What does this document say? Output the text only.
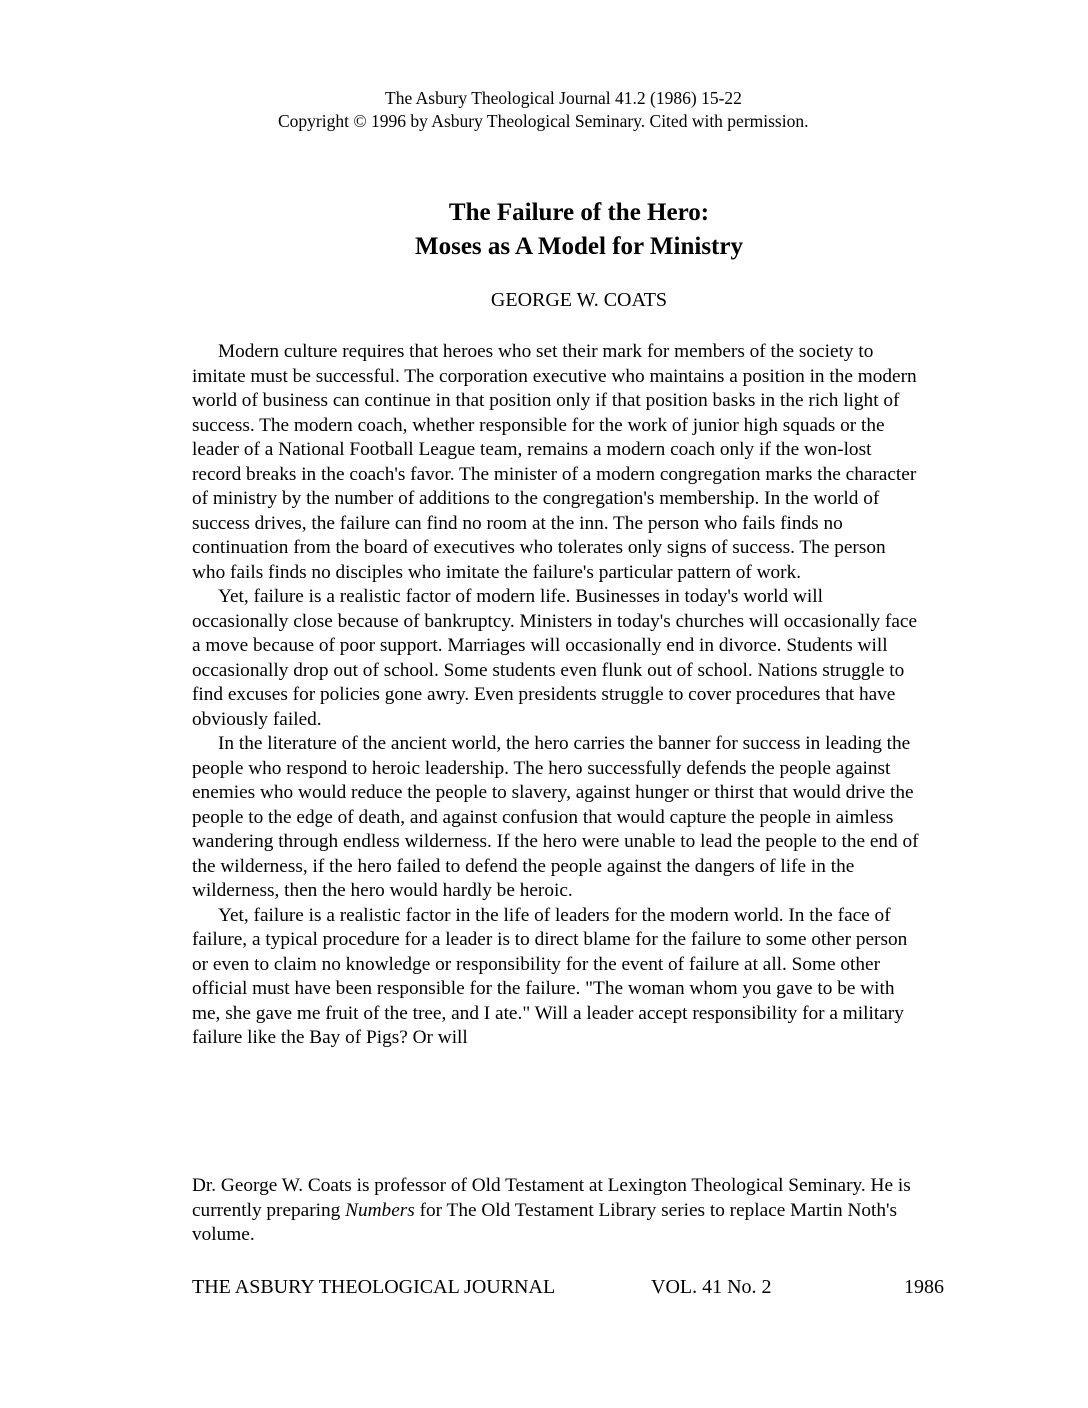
The Asbury Theological Journal 41.2 (1986) 15-22
Copyright © 1996 by Asbury Theological Seminary. Cited with permission.
The Failure of the Hero:
Moses as A Model for Ministry
GEORGE W. COATS

Modern culture requires that heroes who set their mark for members of the society to imitate must be successful. The corporation executive who maintains a position in the modern world of business can continue in that position only if that position basks in the rich light of success. The modern coach, whether responsible for the work of junior high squads or the leader of a National Football League team, remains a modern coach only if the won-lost record breaks in the coach's favor. The minister of a modern congregation marks the character of ministry by the number of additions to the congregation's membership. In the world of success drives, the failure can find no room at the inn. The person who fails finds no continuation from the board of executives who tolerates only signs of success. The person who fails finds no disciples who imitate the failure's particular pattern of work.

Yet, failure is a realistic factor of modern life. Businesses in today's world will occasionally close because of bankruptcy. Ministers in today's churches will occasionally face a move because of poor support. Marriages will occasionally end in divorce. Students will occasionally drop out of school. Some students even flunk out of school. Nations struggle to find excuses for policies gone awry. Even presidents struggle to cover procedures that have obviously failed.

In the literature of the ancient world, the hero carries the banner for success in leading the people who respond to heroic leadership. The hero successfully defends the people against enemies who would reduce the people to slavery, against hunger or thirst that would drive the people to the edge of death, and against confusion that would capture the people in aimless wandering through endless wilderness. If the hero were unable to lead the people to the end of the wilderness, if the hero failed to defend the people against the dangers of life in the wilderness, then the hero would hardly be heroic.

Yet, failure is a realistic factor in the life of leaders for the modern world. In the face of failure, a typical procedure for a leader is to direct blame for the failure to some other person or even to claim no knowledge or responsibility for the event of failure at all. Some other official must have been responsible for the failure. "The woman whom you gave to be with me, she gave me fruit of the tree, and I ate." Will a leader accept responsibility for a military failure like the Bay of Pigs? Or will

Dr. George W. Coats is professor of Old Testament at Lexington Theological Seminary. He is currently preparing Numbers for The Old Testament Library series to replace Martin Noth's volume.
THE ASBURY THEOLOGICAL JOURNAL	VOL. 41 No. 2	1986
